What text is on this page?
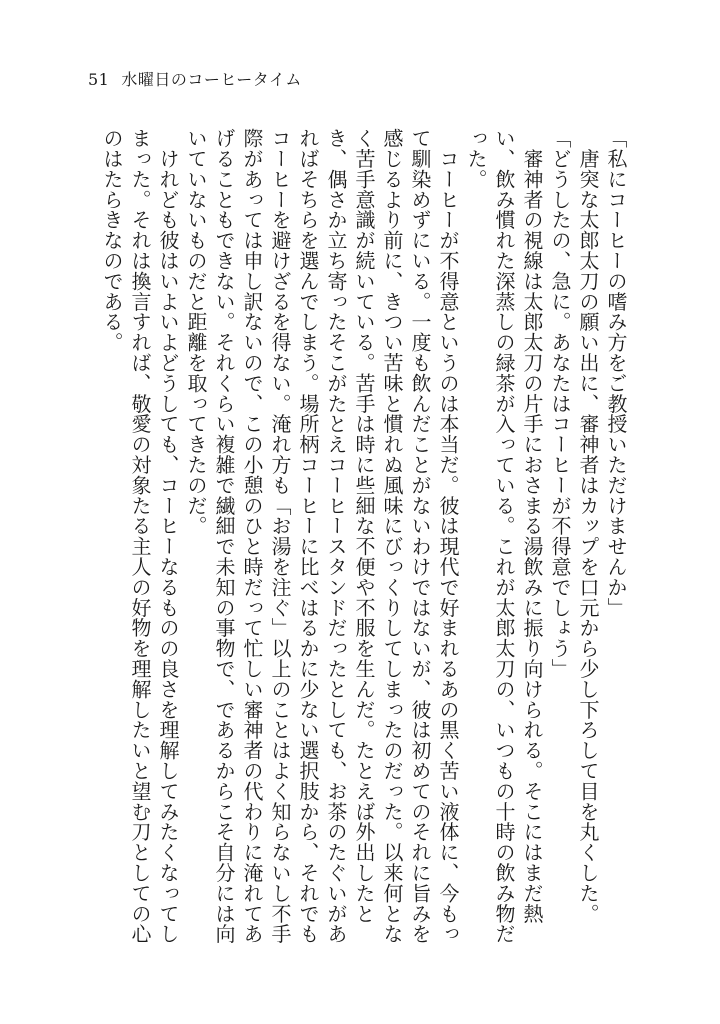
51 水曜日のコーヒータイム

「私にコーヒーの嗜み方をご教授いただけませんか」

　唐突な太郎太刀の願い出に、審神者はカップを口元から少し下ろして目を丸くした。

「どうしたの、急に。あなたはコーヒーが不得意でしょう」

　審神者の視線は太郎太刀の片手におさまる湯飲みに振り向けられる。そこにはまだ熱い、飲み慣れた深蒸しの緑茶が入っている。これが太郎太刀の、いつもの十時の飲み物だった。

　コーヒーが不得意というのは本当だ。彼は現代で好まれるあの黒く苦い液体に、今もって馴染めずにいる。一度も飲んだことがないわけではないが、彼は初めてのそれに旨みを感じるより前に、きつい苦味と慣れぬ風味にびっくりしてしまったのだった。以来何となく苦手意識が続いている。苦手は時に些細な不便や不服を生んだ。たとえば外出したとき、偶さか立ち寄ったそこがたとえコーヒースタンドだったとしても、お茶のたぐいがあればそちらを選んでしまう。場所柄コーヒーに比べはるかに少ない選択肢から、それでもコーヒーを避けざるを得ない。淹れ方も「お湯を注ぐ」以上のことはよく知らないし不手際があっては申し訳ないので、この小憩のひと時だって忙しい審神者の代わりに淹れてあげることもできない。それくらい複雑で繊細で未知の事物で、であるからこそ自分には向いていないものだと距離を取ってきたのだ。

　けれども彼はいよいよどうしても、コーヒーなるものの良さを理解してみたくなってしまった。それは換言すれば、敬愛の対象たる主人の好物を理解したいと望む刀としての心のはたらきなのである。
